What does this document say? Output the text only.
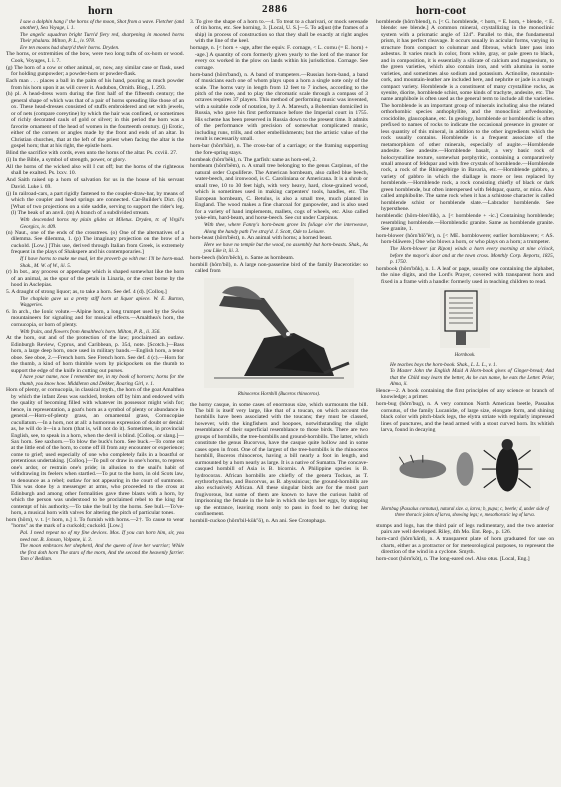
horn	2886	horn-coot

I saw a dolphin hang i' the horns of the moon, Shot from a wave. Fletcher (and another), Sea Voyage, i. 1.

The angelic squadron bright Turn'd fiery red, sharpening in mooned horns Their phalanx. Milton, P. L., iv. 978.

Ere ten moons had sharp'd their horns. Dryden.

The horns, or extremities of the bow, were two long tufts of ox-horn or wood. Cook, Voyages, I. i. 7.

(g) The horn of a cow or other animal, or, now, any similar case or flask, used for holding gunpowder; a powder-horn or powder-flask.

Each man . . . places a ball in the palm of his hand, pouring as much powder from his horn upon it as will cover it. Audubon, Ornith. Biog., I. 293.

(h) pl. A head-dress worn during the first half of the fifteenth century; the general shape of which was that of a pair of horns spreading like those of an ox. These head-dresses consisted of stuffs embroidered and set with jewels, or of nets (compare coreytine) by which the hair was confined, or sometimes of richly decorated cauls of gold or silver; in this period the horn was a favorite ornament of the head of women in the fourteenth century. (j) Erotic, either of the corners or angles made by the front and ends of an altar. In Christian churches, that at the left of the priest when facing the altar is the gospel horn; that at his right, the epistle horn.

Blind the sacrifice with cords, even unto the horns of the altar. Ps. cxviii. 27.

(i) In the Bible, a symbol of strength, power, or glory.

All the horns of the wicked also will I cut off; but the horns of the righteous shall be exalted. Ps. lxxv. 10.

And Saith raised up a horn of salvation for us in the house of his servant David. Luke i. 69.

(j) In railroad-cars, a part rigidly fastened to the coupler-draw-bar, by means of which the coupler and head springs are connected. Car-Builder's Dict. (k) [What of two projections on a side saddle, serving to support the rider's leg. (l) The beak of an anvil. (m) A branch of a subdivided stream.

With descended horns my plain glides at Miletus. Dryden, tr. of Virgil's Georgics, iv. 409.

(n) Naut., one of the ends of the crosstrees. (o) One of the alternatives of a dilemma. See dilemma, 1. (p) The imaginary projection on the brow of a cuckold. [Low.] [This use, derived through Italian from Greek, is extremely frequent in the plays of Shakspere and his contemporaries.]

If I have horns to make me mad, let the proverb go with me: I'll be horn-mad. Shak., M. W. of W., iii. 5.

(r) In bot., any process or appendage which is shaped somewhat like the horn of an animal, as the spur of the petals in Linaria, or the crest borne by the hood in Asclepias.

5. A draught of strong liquor; as, to take a horn. See def. 4 (d). [Colloq.]

The chaplain gave us a pretty stiff horn at liquor apiece. W. E. Burton, Waggeries.

6. In arch., the Ionic volute.—Alpine horn, a long trumpet used by the Swiss mountaineers for signaling and for musical effects.—Amalthea's horn, the cornucopia, or horn of plenty.

With fruits, and flowers from Amalthea's horn. Milton, P. R., ii. 356.

At the horn, out and of the protection of the law; proclaimed an outlaw. Edinburgh Review, Cyprus, and Caribbean, p. 354, note. [Scotch.]—Bass horn, a large deep horn, once used in military bands.—English horn, a tenor oboe. See oboe, 2.—French horn. See French horn. See def. 4 (c).—Horn for the thumb, a kind of horn thimble worn by pickpockets on the thumb to support the edge of the knife in cutting out purses.

I have your name, now I remember me, in my book of horners; horns for the thumb, you know how. Middleton and Dekker, Roaring Girl, v. 1.

Horn of plenty, or cornucopia, in classical myth., the horn of the goat Amalthea by which the infant Zeus was suckled, broken off by him and endowed with the quality of becoming filled with whatever its possessor might wish for; hence, in representation, a goat's horn as a symbol of plenty or abundance in general.—Horn-of-plenty grass, an ornamental grass, Cornucopiae cucullatum.—In a horn, not at all: a humorous expression of doubt or denial: as, he will do it—in a horn (that is, will not do it). Sometimes, in provincial English, see, to speak in a horn, when the devil is blind. [Colloq. or slang.]—Sax horn. See saxhorn.—To blow the buck's horn. See buck.—To come out at the little end of the horn, to come off ill from any encounter or experience; come to grief; used especially of one who completely fails in a boastful or pretentious undertaking. [Colloq.]—To pull or draw in one's horns, to repress one's ardor, or restrain one's pride; in allusion to the snail's habit of withdrawing its feelers when startled.—To put to the horn, in old Scots law, to denounce as a rebel; outlaw for not appearing in the court of summons. This was done by a messenger at arms, who proceeded to the cross at Edinburgh and among other formalities gave three blasts with a horn, by which the person was understood to be proclaimed rebel to the king for contempt of his authority.—To take the bull by the horns. See bull.—To've-horn, a musical horn with valves for altering the pitch of particular tones.

horn (hôrn), v. t. [< horn, n.] 1. To furnish with horns.—2†. To cause to wear "horns" as the mark of a cuckold; cuckold. [Low.]

Pal. I need repeat no of my fine devices. Mos. If you can horn him, sir, you need not. B. Jonson, Volpone, ii. 3.

The moon embraces her shepherd, And the queen of love her warrior; While the first doth horn The stars of the morn, And the second the heavenly farrier. Tom o' Bedlam.

3. To give the shape of a horn to.—4. To treat to a charivari, or mock serenade of tin horns, etc. See horning, 3. [Local, U. S.]—5. To adjust (the frames of a ship) in process of construction so that they shall be exactly at right angles with the line of the keel.

hornage, n. [< horn + -age, after the equiv. F. cornage, < L. cornu (= E. horn) + -age.] A quantity of corn formerly given yearly to the lord of the manor for every ox worked in the plow on lands within his jurisdiction. Cornage. See cornage.

horn-band (hôrn'band), n. A band of trumpeters.—Russian horn-band, a band of musicians each one of whom plays upon a horn a single note only of the scale. The horns vary in length from 12 feet to 7 inches, according to the pitch of the note, and to play the chromatic scale through a compass of 3 octaves requires 37 players. This method of performing music was invented, with a suitable code of notation, by J. A. Maresch, a Bohemian domiciled in Russia, who gave his first performance before the Imperial court in 1755. His scheme has been preserved in Russia down to the present time. It admits of the performance with precision of somewhat complicated music, including runs, trills, and other embellishments; but the artistic value of the result is necessarily small.

horn-bar (hôrn'bär), n. The cross-bar of a carriage; or the framing supporting the fore-spring stays.

hornbeak (hôrn'bēk), n. The garfish: same as horn-eel, 2.

hornbeam (hôrn'bēm), n. A small tree belonging to the genus Carpinus, of the natural order Cupuliferæ. The American hornbeam, also called blue beech, water-beech, and ironwood, is C. Caroliniana or Americana. It is a shrub or small tree, 10 to 30 feet high, with very heavy, hard, close-grained wood, which is sometimes used in making carpenters' tools, handles, etc. The European hornbeam, C. Betulus, is also a small tree, much planted in England. The wood makes a fine charcoal for gunpowder, and is also used for a variety of hand implements, mallets, cogs of wheels, etc. Also called yoke-elm, hard-beam, and horse-beech. See cut under Carpinus.

With thee, where Fanny's horn-beam grove Its foliage o'er the interweave, Along the handy path I've stray'd. J. Scott, Ode to Leisure.

horn-beast (hôrn'bēst), n. An animal with horns; a horned beast.

Here we have no temple but the wood, no assembly but horn-beasts. Shak., As you Like it, iii. 3.

horn-beech (hôrn'bēch), n. Same as hornbeam.

hornbill (hôrn'bil), n. A large non-passerine bird of the family Bucerotidæ: so called from

Rhinoceros Hornbill (Buceros rhinoceros).

the horny casque, in some cases of enormous size, which surmounts the bill. The bill is itself very large, like that of a toucan, on which account the hornbills have been associated with the toucans; they must be classed, however, with the kingfishers and hoopoes, notwithstanding the slight resemblance of their superficial resemblance to those birds. There are two groups of hornbills, the tree-hornbills and ground-hornbills. The latter, which constitute the genus Bucorvus, have the casque quite hollow and in some cases open in front. One of the largest of the tree-hornbills is the rhinoceros hornbill, Buceros rhinoceros, having a bill nearly a foot in length, and surmounted by a horn nearly as large. It is a native of Sumatra. The concave-casqued hornbill of Asia is B. bicornis. A Philippine species is B. hydrocorax. African hornbills are chiefly of the genera Tockus, as T. erythrorhynchus, and Bucorvus, as B. abyssinicus; the ground-hornbills are also exclusively African. All these singular birds are for the most part frugivorous, but some of them are known to have the curious habit of imprisoning the female in the hole in which she lays her eggs, by stopping up the entrance, leaving room only to pass in food to her during her confinement.

hornbill-cuckoo (hôrn'bil-kük''ō), n. An ani. See Crotophaga.

hornblende (hôrn'blend), n. [< G. hornblende, < horn, = E. horn, + blende, < E. blende: see blende.] A common mineral, crystallizing in the monoclinic system with a prismatic angle of 124°. Parallel to this, the fundamental prism, it has perfect cleavage. It occurs usually in acicular forms, varying in structure from compact to columnar and fibrous, which later pass into asbestus. It varies much in color, from white, gray, or pale green to black, and in composition, it is essentially a silicate of calcium and magnesium, to the green varieties, which also contain iron, and with alumina in some varieties, and sometimes also sodium and potassium. Actinolite, mountain-cork, and mountain-leather are included here, and nephrite or jade is a tough compact variety. Hornblende is a constituent of many crystalline rocks, as syenite, diorite, hornblende schist, some kinds of trachyte, andesite, etc. The name amphibole is often used as the general term to include all the varieties. The hornblende is an important group of minerals including also the related orthorhombic species anthophyllite, and the monoclinic arfvedsonite, crocidolite, glaucophane, etc. In geology, hornblende or hornblendic is often prefixed to names of rocks to indicate the occasional presence in greater or less quantity of this mineral, in addition to the other ingredients which the rock usually contains. Hornblende is a frequent associate of the metamorphism of other minerals, especially of augite.—Hornblende andesite. See andesite.—Hornblende basalt, a very basic rock of holocrystalline texture, somewhat porphyritic, containing a comparatively small amount of feldspar and with free crystals of hornblende.—Hornblende rock, a rock of the Rhinegebirge in Bavaria, etc.—Hornblende gabbro, a variety of gabbro in which the diallage is more or less replaced by hornblende.—Hornblende rock, a rock consisting chiefly of black or dark green hornblende, but often interspersed with feldspar, quartz, or mica. Also called amphibolite. The same rock when it has a schistose character is called hornblende schist or hornblende slate.—Labrador hornblende. See hypersthene.

hornblendic (hôrn-blen'dik), a. [< hornblende + -ic.] Containing hornblende; resembling hornblende.—Hornblendic granite. Same as hornblende granite. See granite, 1.

horn-blower (hôrn'blō''ėr), n. [< ME. hornblowere; earlier hornblawere; < AS. horn-blāwere.] One who blows a horn, or who plays on a horn; a trumpeter.

The Horn-blower (at Ripon) winds a horn every morning at nine o'clock, before the mayor's door and at the town cross. Monthly Corp. Reports, 1825, p. 1750.

hornbook (hôrn'bůk), n. 1. A leaf or page, usually one containing the alphabet, the nine digits, and the Lord's Prayer, covered with transparent horn and fixed in a frame with a handle: formerly used in teaching children to read.

Hornbook.

He teaches boys the horn-book. Shak., L. L. L., v. 1.

To Master John the English Maid A Horn-book gives of Ginger-bread; And that the Child may learn the better, As he can name, he eats the Letter. Prior, Alma, ii.

Hence—2. A book containing the first principles of any science or branch of knowledge; a primer.

horn-bug (hôrn'bug), n. A very common North American beetle, Passalus cornutus, of the family Lucanidæ, of large size, elongate form, and shining black color with pitch-black legs, the elytra striate with regularly impressed lines of punctures, and the head armed with a stout curved horn. Its whitish larva, found in decaying

Hornbug (Passalus cornutus), natural size. a, larva; b, pupa; c, beetle; d, under side of three thoracic joints of larva, showing legs; e, mesothoracic leg of larva.

stumps and logs, has the third pair of legs rudimentary, and the two anterior pairs are well developed. Riley, 4th Mo. Ent. Rep., p. 126.

horn-card (hôrn'kärd), n. A transparent plate of horn graduated for use on charts, either as a protractor or for meteorological purposes, to represent the direction of the wind in a cyclone. Smyth.

horn-coot (hôrn'kōt), n. The long-eared owl. Also otus. [Local, Eng.]
